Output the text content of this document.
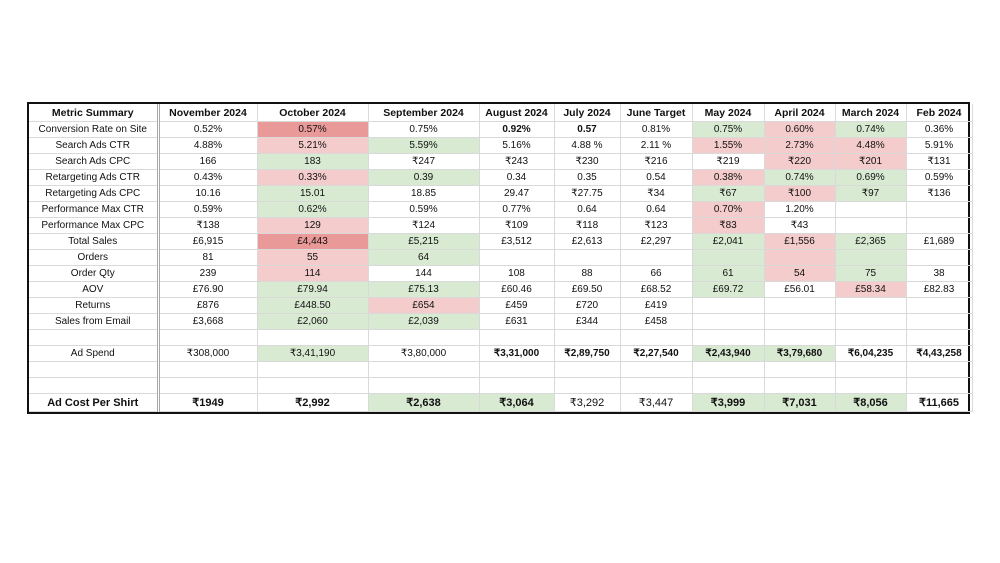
Metric Summary	November 2024	October 2024	September 2024	August 2024	July 2024	June Target	May 2024	April 2024	March 2024	Feb 2024
Conversion Rate on Site	0.52%	0.57%	0.75%	0.92%	0.57	0.81%	0.75%	0.60%	0.74%	0.36%
Search Ads CTR	4.88%	5.21%	5.59%	5.16%	4.88 %	2.11 %	1.55%	2.73%	4.48%	5.91%
Search Ads CPC	166	183	₹247	₹243	₹230	₹216	₹219	₹220	₹201	₹131
Retargeting Ads CTR	0.43%	0.33%	0.39	0.34	0.35	0.54	0.38%	0.74%	0.69%	0.59%
Retargeting Ads CPC	10.16	15.01	18.85	29.47	₹27.75	₹34	₹67	₹100	₹97	₹136
Performance Max CTR	0.59%	0.62%	0.59%	0.77%	0.64	0.64	0.70%	1.20%		
Performance Max CPC	₹138	129	₹124	₹109	₹118	₹123	₹83	₹43		
Total Sales	£6,915	£4,443	£5,215	£3,512	£2,613	£2,297	£2,041	£1,556	£2,365	£1,689
Orders	81	55	64							
Order Qty	239	114	144	108	88	66	61	54	75	38
AOV	£76.90	£79.94	£75.13	£60.46	£69.50	£68.52	£69.72	£56.01	£58.34	£82.83
Returns	£876	£448.50	£654	£459	£720	£419				
Sales from Email	£3,668	£2,060	£2,039	£631	£344	£458				

Ad Spend	₹308,000	₹3,41,190	₹3,80,000	₹3,31,000	₹2,89,750	₹2,27,540	₹2,43,940	₹3,79,680	₹6,04,235	₹4,43,258

Ad Cost Per Shirt	₹1949	₹2,992	₹2,638	₹3,064	₹3,292	₹3,447	₹3,999	₹7,031	₹8,056	₹11,665
